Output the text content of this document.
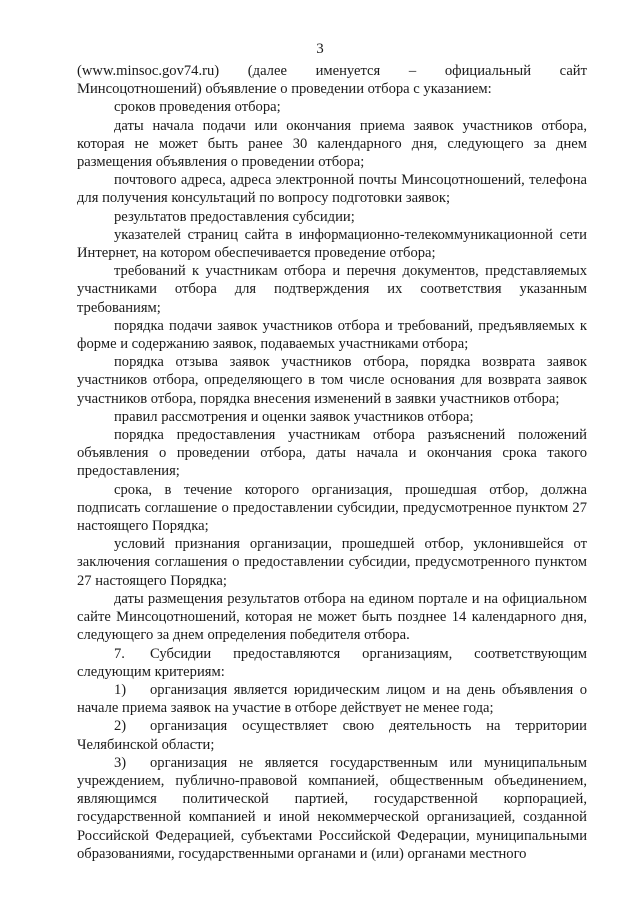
3

(www.minsoc.gov74.ru) (далее именуется – официальный сайт Минсоцотношений) объявление о проведении отбора с указанием:

сроков проведения отбора;

даты начала подачи или окончания приема заявок участников отбора, которая не может быть ранее 30 календарного дня, следующего за днем размещения объявления о проведении отбора;

почтового адреса, адреса электронной почты Минсоцотношений, телефона для получения консультаций по вопросу подготовки заявок;

результатов предоставления субсидии;

указателей страниц сайта в информационно-телекоммуникационной сети Интернет, на котором обеспечивается проведение отбора;

требований к участникам отбора и перечня документов, представляемых участниками отбора для подтверждения их соответствия указанным требованиям;

порядка подачи заявок участников отбора и требований, предъявляемых к форме и содержанию заявок, подаваемых участниками отбора;

порядка отзыва заявок участников отбора, порядка возврата заявок участников отбора, определяющего в том числе основания для возврата заявок участников отбора, порядка внесения изменений в заявки участников отбора;

правил рассмотрения и оценки заявок участников отбора;

порядка предоставления участникам отбора разъяснений положений объявления о проведении отбора, даты начала и окончания срока такого предоставления;

срока, в течение которого организация, прошедшая отбор, должна подписать соглашение о предоставлении субсидии, предусмотренное пунктом 27 настоящего Порядка;

условий признания организации, прошедшей отбор, уклонившейся от заключения соглашения о предоставлении субсидии, предусмотренного пунктом 27 настоящего Порядка;

даты размещения результатов отбора на едином портале и на официальном сайте Минсоцотношений, которая не может быть позднее 14 календарного дня, следующего за днем определения победителя отбора.

7. Субсидии предоставляются организациям, соответствующим следующим критериям:

1) организация является юридическим лицом и на день объявления о начале приема заявок на участие в отборе действует не менее года;

2) организация осуществляет свою деятельность на территории Челябинской области;

3) организация не является государственным или муниципальным учреждением, публично-правовой компанией, общественным объединением, являющимся политической партией, государственной корпорацией, государственной компанией и иной некоммерческой организацией, созданной Российской Федерацией, субъектами Российской Федерации, муниципальными образованиями, государственными органами и (или) органами местного
